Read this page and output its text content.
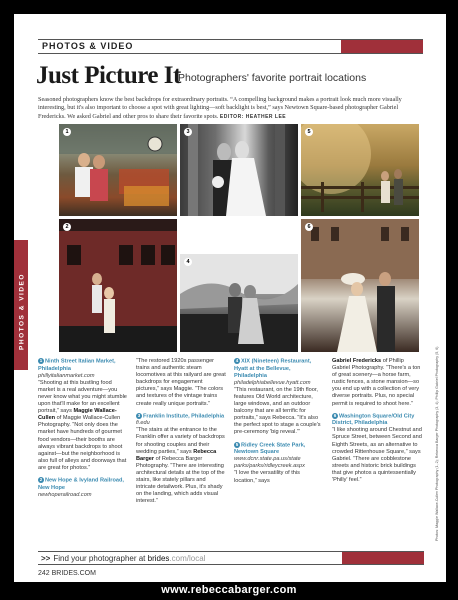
PHOTOS & VIDEO
Just Picture It
Photographers' favorite portrait locations
Seasoned photographers know the best backdrops for extraordinary portraits. “A compelling background makes a portrait look much more visually interesting, but it's also important to choose a spot with great lighting—soft backlight is best,” says Newtown Square-based photographer Gabriel Fredericks. We asked Gabriel and other pros to share their favorite spots. EDITOR: HEATHER LEE
1	3	5
2
4
6
PHOTOS & VIDEO

1 Ninth Street Italian Market, Philadelphia
phillyitalianmarket.com
“Shooting at this bustling food market is a real adventure—you never know what you might stumble upon that'll make for an excellent portrait,” says Maggie Wallace-Cullen of Maggie Wallace-Cullen Photography. “Not only does the market have hundreds of gourmet food vendors—their booths are always vibrant backdrops to shoot against—but the neighborhood is also full of alleys and doorways that are great for photos.”

2 New Hope & Ivyland Railroad, New Hope
newhoperailroad.com

“The restored 1920s passenger trains and authentic steam locomotives at this railyard are great backdrops for engagement pictures,” says Maggie. “The colors and textures of the vintage trains create really unique portraits.”

3 Franklin Institute, Philadelphia
fi.edu
“The stairs at the entrance to the Franklin offer a variety of backdrops for shooting couples and their wedding parties,” says Rebecca Barger of Rebecca Barger Photography. “There are interesting architectural details at the top of the stairs, like stately pillars and intricate detailwork. Plus, it's shady on the landing, which adds visual interest.”

4 XIX (Nineteen) Restaurant, Hyatt at the Bellevue, Philadelphia
philadelphiabellevue.hyatt.com
“This restaurant, on the 19th floor, features Old World architecture, large windows, and an outdoor balcony that are all terrific for portraits,” says Rebecca. “It's also the perfect spot to stage a couple's pre-ceremony 'big reveal.'”

5 Ridley Creek State Park, Newtown Square
www.dcnr.state.pa.us/state parks/parks/ridleycreek.aspx
“I love the versatility of this location,” says

Gabriel Fredericks of Phillip Gabriel Photography. “There's a ton of great scenery—a horse farm, rustic fences, a stone mansion—so you end up with a collection of very diverse portraits. Plus, no special permit is required to shoot here.”

6 Washington Square/Old City District, Philadelphia
“I like shooting around Chestnut and Spruce Street, between Second and Eighth Streets, as an alternative to crowded Rittenhouse Square,” says Gabriel. “There are cobblestone streets and historic brick buildings that give photos a quintessentially 'Philly' feel.”	Photos: Maggie Wallace-Cullen Photography (1, 2); Rebecca Barger Photography (3, 4); Phillip Gabriel Photography (5, 6)
>> Find your photographer at brides.com/local
242 BRIDES.COM
www.rebeccabarger.com
